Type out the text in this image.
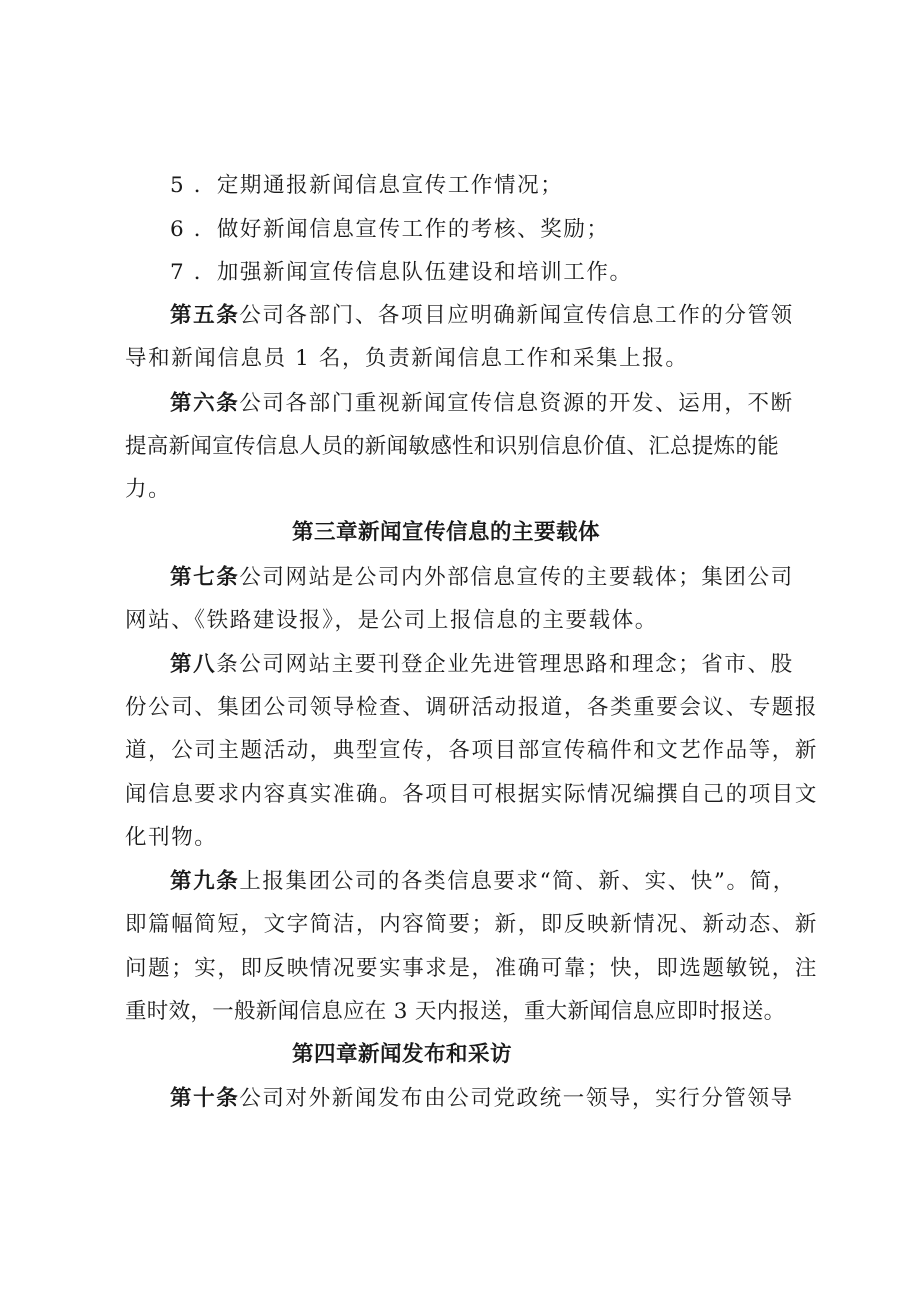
5 ．定期通报新闻信息宣传工作情况；
6 ．做好新闻信息宣传工作的考核、奖励；
7 ．加强新闻宣传信息队伍建设和培训工作。
第五条公司各部门、各项目应明确新闻宣传信息工作的分管领
导和新闻信息员 1 名，负责新闻信息工作和采集上报。
第六条公司各部门重视新闻宣传信息资源的开发、运用，不断
提高新闻宣传信息人员的新闻敏感性和识别信息价值、汇总提炼的能
力。
第三章新闻宣传信息的主要载体
第七条公司网站是公司内外部信息宣传的主要载体；集团公司
网站、《铁路建设报》，是公司上报信息的主要载体。
第八条公司网站主要刊登企业先进管理思路和理念；省市、股
份公司、集团公司领导检查、调研活动报道，各类重要会议、专题报
道，公司主题活动，典型宣传，各项目部宣传稿件和文艺作品等，新
闻信息要求内容真实准确。各项目可根据实际情况编撰自己的项目文
化刊物。
第九条上报集团公司的各类信息要求“简、新、实、快”。简，
即篇幅简短，文字简洁，内容简要；新，即反映新情况、新动态、新
问题；实，即反映情况要实事求是，准确可靠；快，即选题敏锐，注
重时效，一般新闻信息应在 3 天内报送，重大新闻信息应即时报送。
第四章新闻发布和采访
第十条公司对外新闻发布由公司党政统一领导，实行分管领导
